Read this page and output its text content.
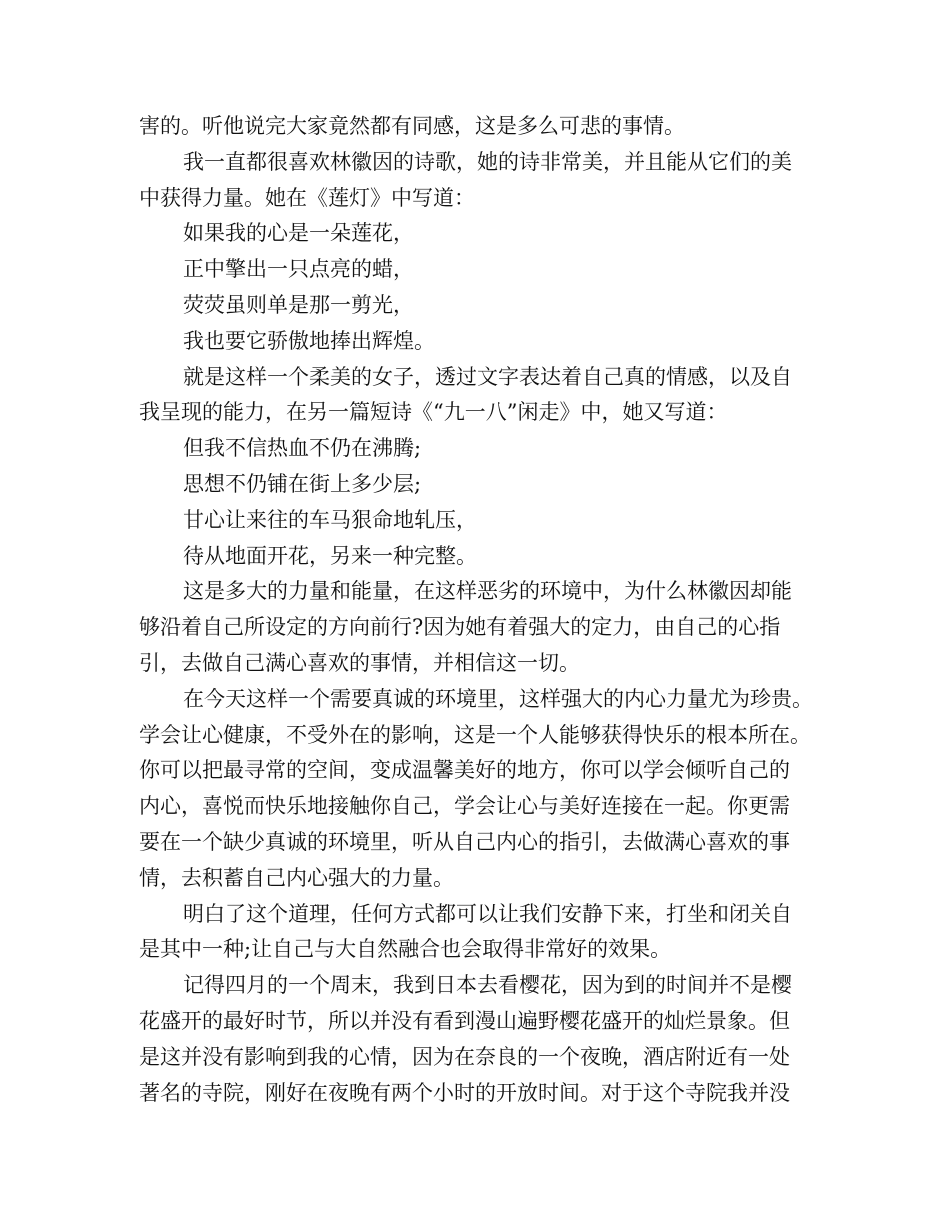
害的。听他说完大家竟然都有同感，这是多么可悲的事情。
我一直都很喜欢林徽因的诗歌，她的诗非常美，并且能从它们的美
中获得力量。她在《莲灯》中写道：
如果我的心是一朵莲花，
正中擎出一只点亮的蜡，
荧荧虽则单是那一剪光，
我也要它骄傲地捧出辉煌。
就是这样一个柔美的女子，透过文字表达着自己真的情感，以及自
我呈现的能力，在另一篇短诗《“九一八”闲走》中，她又写道：
但我不信热血不仍在沸腾;
思想不仍铺在街上多少层;
甘心让来往的车马狠命地轧压，
待从地面开花，另来一种完整。
这是多大的力量和能量，在这样恶劣的环境中，为什么林徽因却能
够沿着自己所设定的方向前行?因为她有着强大的定力，由自己的心指
引，去做自己满心喜欢的事情，并相信这一切。
在今天这样一个需要真诚的环境里，这样强大的内心力量尤为珍贵。
学会让心健康，不受外在的影响，这是一个人能够获得快乐的根本所在。
你可以把最寻常的空间，变成温馨美好的地方，你可以学会倾听自己的
内心，喜悦而快乐地接触你自己，学会让心与美好连接在一起。你更需
要在一个缺少真诚的环境里，听从自己内心的指引，去做满心喜欢的事
情，去积蓄自己内心强大的力量。
明白了这个道理，任何方式都可以让我们安静下来，打坐和闭关自
是其中一种;让自己与大自然融合也会取得非常好的效果。
记得四月的一个周末，我到日本去看樱花，因为到的时间并不是樱
花盛开的最好时节，所以并没有看到漫山遍野樱花盛开的灿烂景象。但
是这并没有影响到我的心情，因为在奈良的一个夜晚，酒店附近有一处
著名的寺院，刚好在夜晚有两个小时的开放时间。对于这个寺院我并没
